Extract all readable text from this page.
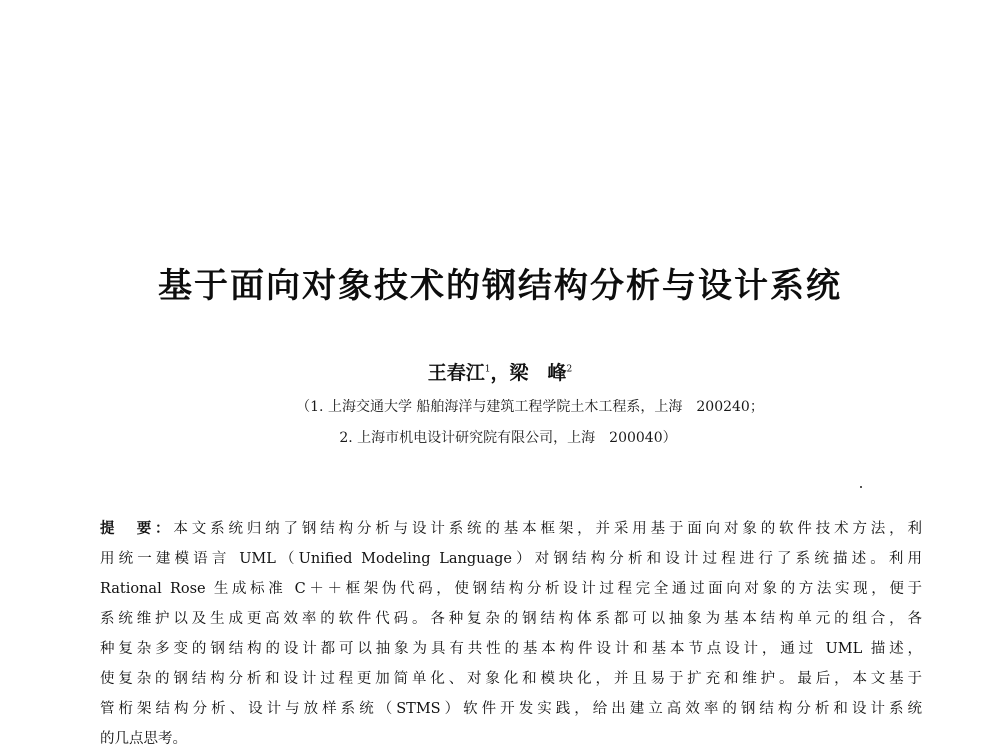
基于面向对象技术的钢结构分析与设计系统
王春江$^1$，梁　峰$^2$
（1. 上海交通大学 船舶海洋与建筑工程学院土木工程系，上海　200240；
2. 上海市机电设计研究院有限公司，上海　200040）
提　要：本文系统归纳了钢结构分析与设计系统的基本框架，并采用基于面向对象的软件技术方法，利
用统一建模语言 UML（Unified Modeling Language）对钢结构分析和设计过程进行了系统描述。利用
Rational Rose 生成标准 C＋＋框架伪代码，使钢结构分析设计过程完全通过面向对象的方法实现，便于
系统维护以及生成更高效率的软件代码。各种复杂的钢结构体系都可以抽象为基本结构单元的组合，各
种复杂多变的钢结构的设计都可以抽象为具有共性的基本构件设计和基本节点设计，通过 UML 描述，
使复杂的钢结构分析和设计过程更加简单化、对象化和模块化，并且易于扩充和维护。最后，本文基于
管桁架结构分析、设计与放样系统（STMS）软件开发实践，给出建立高效率的钢结构分析和设计系统
的几点思考。
